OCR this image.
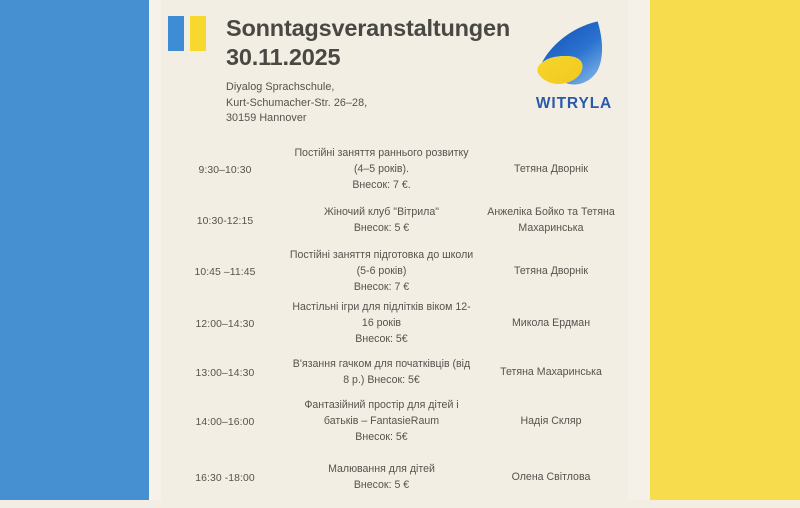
Sonntagsveranstaltungen
30.11.2025
Diyalog Sprachschule,
Kurt-Schumacher-Str. 26–28,
30159 Hannover
WITRYLA
9:30–10:30
Постійні заняття раннього розвитку (4–5 років).
Внесок: 7 €.
Тетяна Дворнік
10:30-12:15
Жіночий клуб "Вітрила"
Внесок: 5 €
Анжеліка Бойко та Тетяна Махаринська
10:45 –11:45
Постійні заняття підготовка до школи (5-6 років)
Внесок: 7 €
Тетяна Дворнік
12:00–14:30
Настільні ігри для підлітків віком 12-16 років
Внесок: 5€
Микола Ердман
13:00–14:30
В'язання гачком для початківців (від 8 р.) Внесок: 5€
Тетяна Махаринська
14:00–16:00
Фантазійний простір для дітей і батьків – FantasieRaum
Внесок: 5€
Надія Скляр
16:30 -18:00
Малювання для дітей
Внесок: 5 €
Олена Світлова
